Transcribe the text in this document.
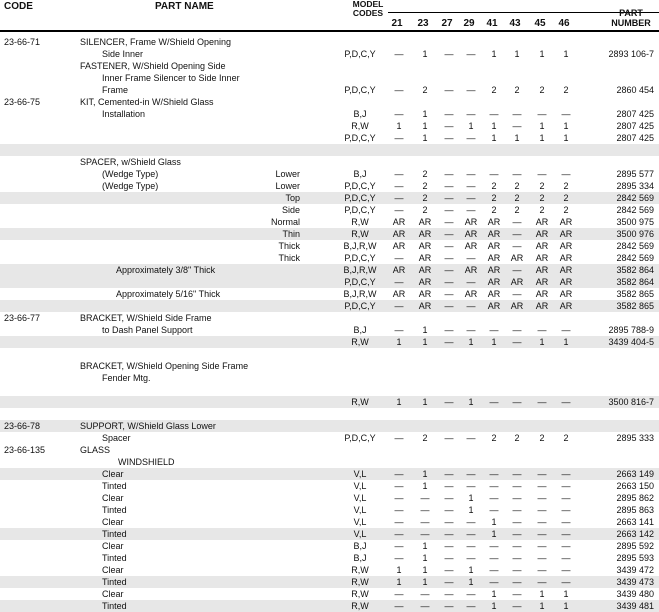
CODE	PART NAME	MODEL CODES	PART NUMBER
21	23	27	29	41	43	45	46
23-66-71	SILENCER, Frame W/Shield Opening
Side Inner	P,D,C,Y	—	1	—	—	1	1	1	1	2893 106-7
FASTENER, W/Shield Opening Side
Inner Frame Silencer to Side Inner
Frame	P,D,C,Y	—	2	—	—	2	2	2	2	2860 454
23-66-75	KIT, Cemented-in W/Shield Glass
Installation	B,J	—	1	—	—	—	—	—	—	2807 425
R,W	1	1	—	1	1	—	1	1	2807 425
P,D,C,Y	—	1	—	—	1	1	1	1	2807 425
SPACER, w/Shield Glass
(Wedge Type)	Lower	B,J	—	2	—	—	—	—	—	—	2895 577
(Wedge Type)	Lower	P,D,C,Y	—	2	—	—	2	2	2	2	2895 334
Top	P,D,C,Y	—	2	—	—	2	2	2	2	2842 569
Side	P,D,C,Y	—	2	—	—	2	2	2	2	2842 569
Normal	R,W	AR	AR	—	AR	AR	—	AR	AR	3500 975
Thin	R,W	AR	AR	—	AR	AR	—	AR	AR	3500 976
Thick	B,J,R,W	AR	AR	—	AR	AR	—	AR	AR	2842 569
Thick	P,D,C,Y	—	AR	—	—	AR	AR	AR	AR	2842 569
Approximately 3/8" Thick	B,J,R,W	AR	AR	—	AR	AR	—	AR	AR	3582 864
P,D,C,Y	—	AR	—	—	AR	AR	AR	AR	3582 864
Approximately 5/16" Thick	B,J,R,W	AR	AR	—	AR	AR	—	AR	AR	3582 865
P,D,C,Y	—	AR	—	—	AR	AR	AR	AR	3582 865
23-66-77	BRACKET, W/Shield Side Frame
to Dash Panel Support	B,J	—	1	—	—	—	—	—	—	2895 788-9
R,W	1	1	—	1	1	—	1	1	3439 404-5
BRACKET, W/Shield Opening Side Frame
Fender Mtg.
R,W	1	1	—	1	—	—	—	—	3500 816-7
23-66-78	SUPPORT, W/Shield Glass Lower
Spacer	P,D,C,Y	—	2	—	—	2	2	2	2	2895 333
23-66-135	GLASS
WINDSHIELD
Clear	V,L	—	1	—	—	—	—	—	—	2663 149
Tinted	V,L	—	1	—	—	—	—	—	—	2663 150
Clear	V,L	—	—	—	1	—	—	—	—	2895 862
Tinted	V,L	—	—	—	1	—	—	—	—	2895 863
Clear	V,L	—	—	—	—	1	—	—	—	2663 141
Tinted	V,L	—	—	—	—	1	—	—	—	2663 142
Clear	B,J	—	1	—	—	—	—	—	—	2895 592
Tinted	B,J	—	1	—	—	—	—	—	—	2895 593
Clear	R,W	1	1	—	1	—	—	—	—	3439 472
Tinted	R,W	1	1	—	1	—	—	—	—	3439 473
Clear	R,W	—	—	—	—	1	—	1	1	3439 480
Tinted	R,W	—	—	—	—	1	—	1	1	3439 481
